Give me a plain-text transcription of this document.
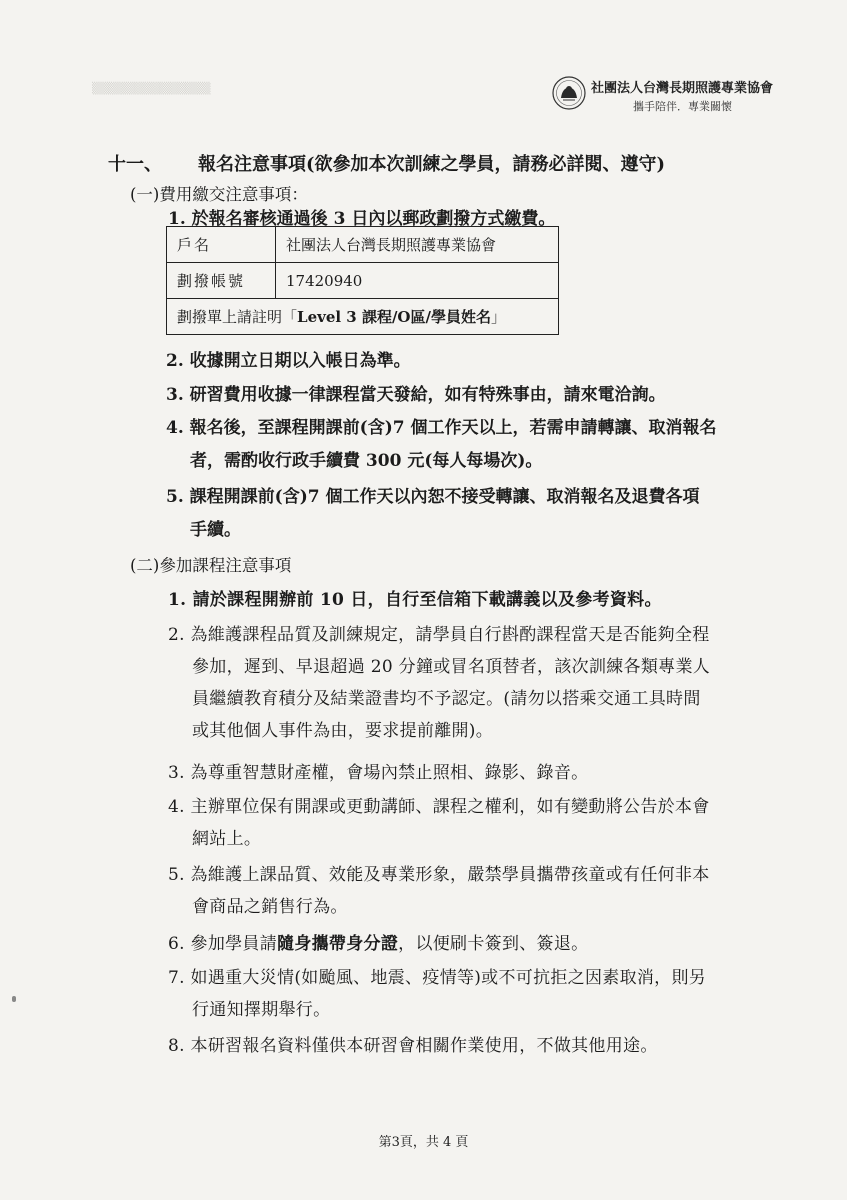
▒▒▒▒▒▒▒▒▒▒▒▒▒▒	社團法人台灣長期照護專業協會
攜手陪伴．專業關懷
十一、 報名注意事項(欲參加本次訓練之學員，請務必詳閱、遵守)
(一)費用繳交注意事項：
1. 於報名審核通過後 3 日內以郵政劃撥方式繳費。
戶名	社團法人台灣長期照護專業協會
劃撥帳號	17420940
劃撥單上請註明「Level 3 課程/O區/學員姓名」	
2. 收據開立日期以入帳日為準。
3. 研習費用收據一律課程當天發給，如有特殊事由，請來電洽詢。
4. 報名後，至課程開課前(含)7 個工作天以上，若需申請轉讓、取消報名
者，需酌收行政手續費 300 元(每人每場次)。
5. 課程開課前(含)7 個工作天以內恕不接受轉讓、取消報名及退費各項
手續。
(二)參加課程注意事項
1. 請於課程開辦前 10 日，自行至信箱下載講義以及參考資料。
2. 為維護課程品質及訓練規定，請學員自行斟酌課程當天是否能夠全程
參加，遲到、早退超過 20 分鐘或冒名頂替者，該次訓練各類專業人
員繼續教育積分及結業證書均不予認定。(請勿以搭乘交通工具時間
或其他個人事件為由，要求提前離開)。
3. 為尊重智慧財產權，會場內禁止照相、錄影、錄音。
4. 主辦單位保有開課或更動講師、課程之權利，如有變動將公告於本會
網站上。
5. 為維護上課品質、效能及專業形象，嚴禁學員攜帶孩童或有任何非本
會商品之銷售行為。
6. 參加學員請隨身攜帶身分證，以便刷卡簽到、簽退。
7. 如遇重大災情(如颱風、地震、疫情等)或不可抗拒之因素取消，則另
行通知擇期舉行。
8. 本研習報名資料僅供本研習會相關作業使用，不做其他用途。
第3頁，共 4 頁
